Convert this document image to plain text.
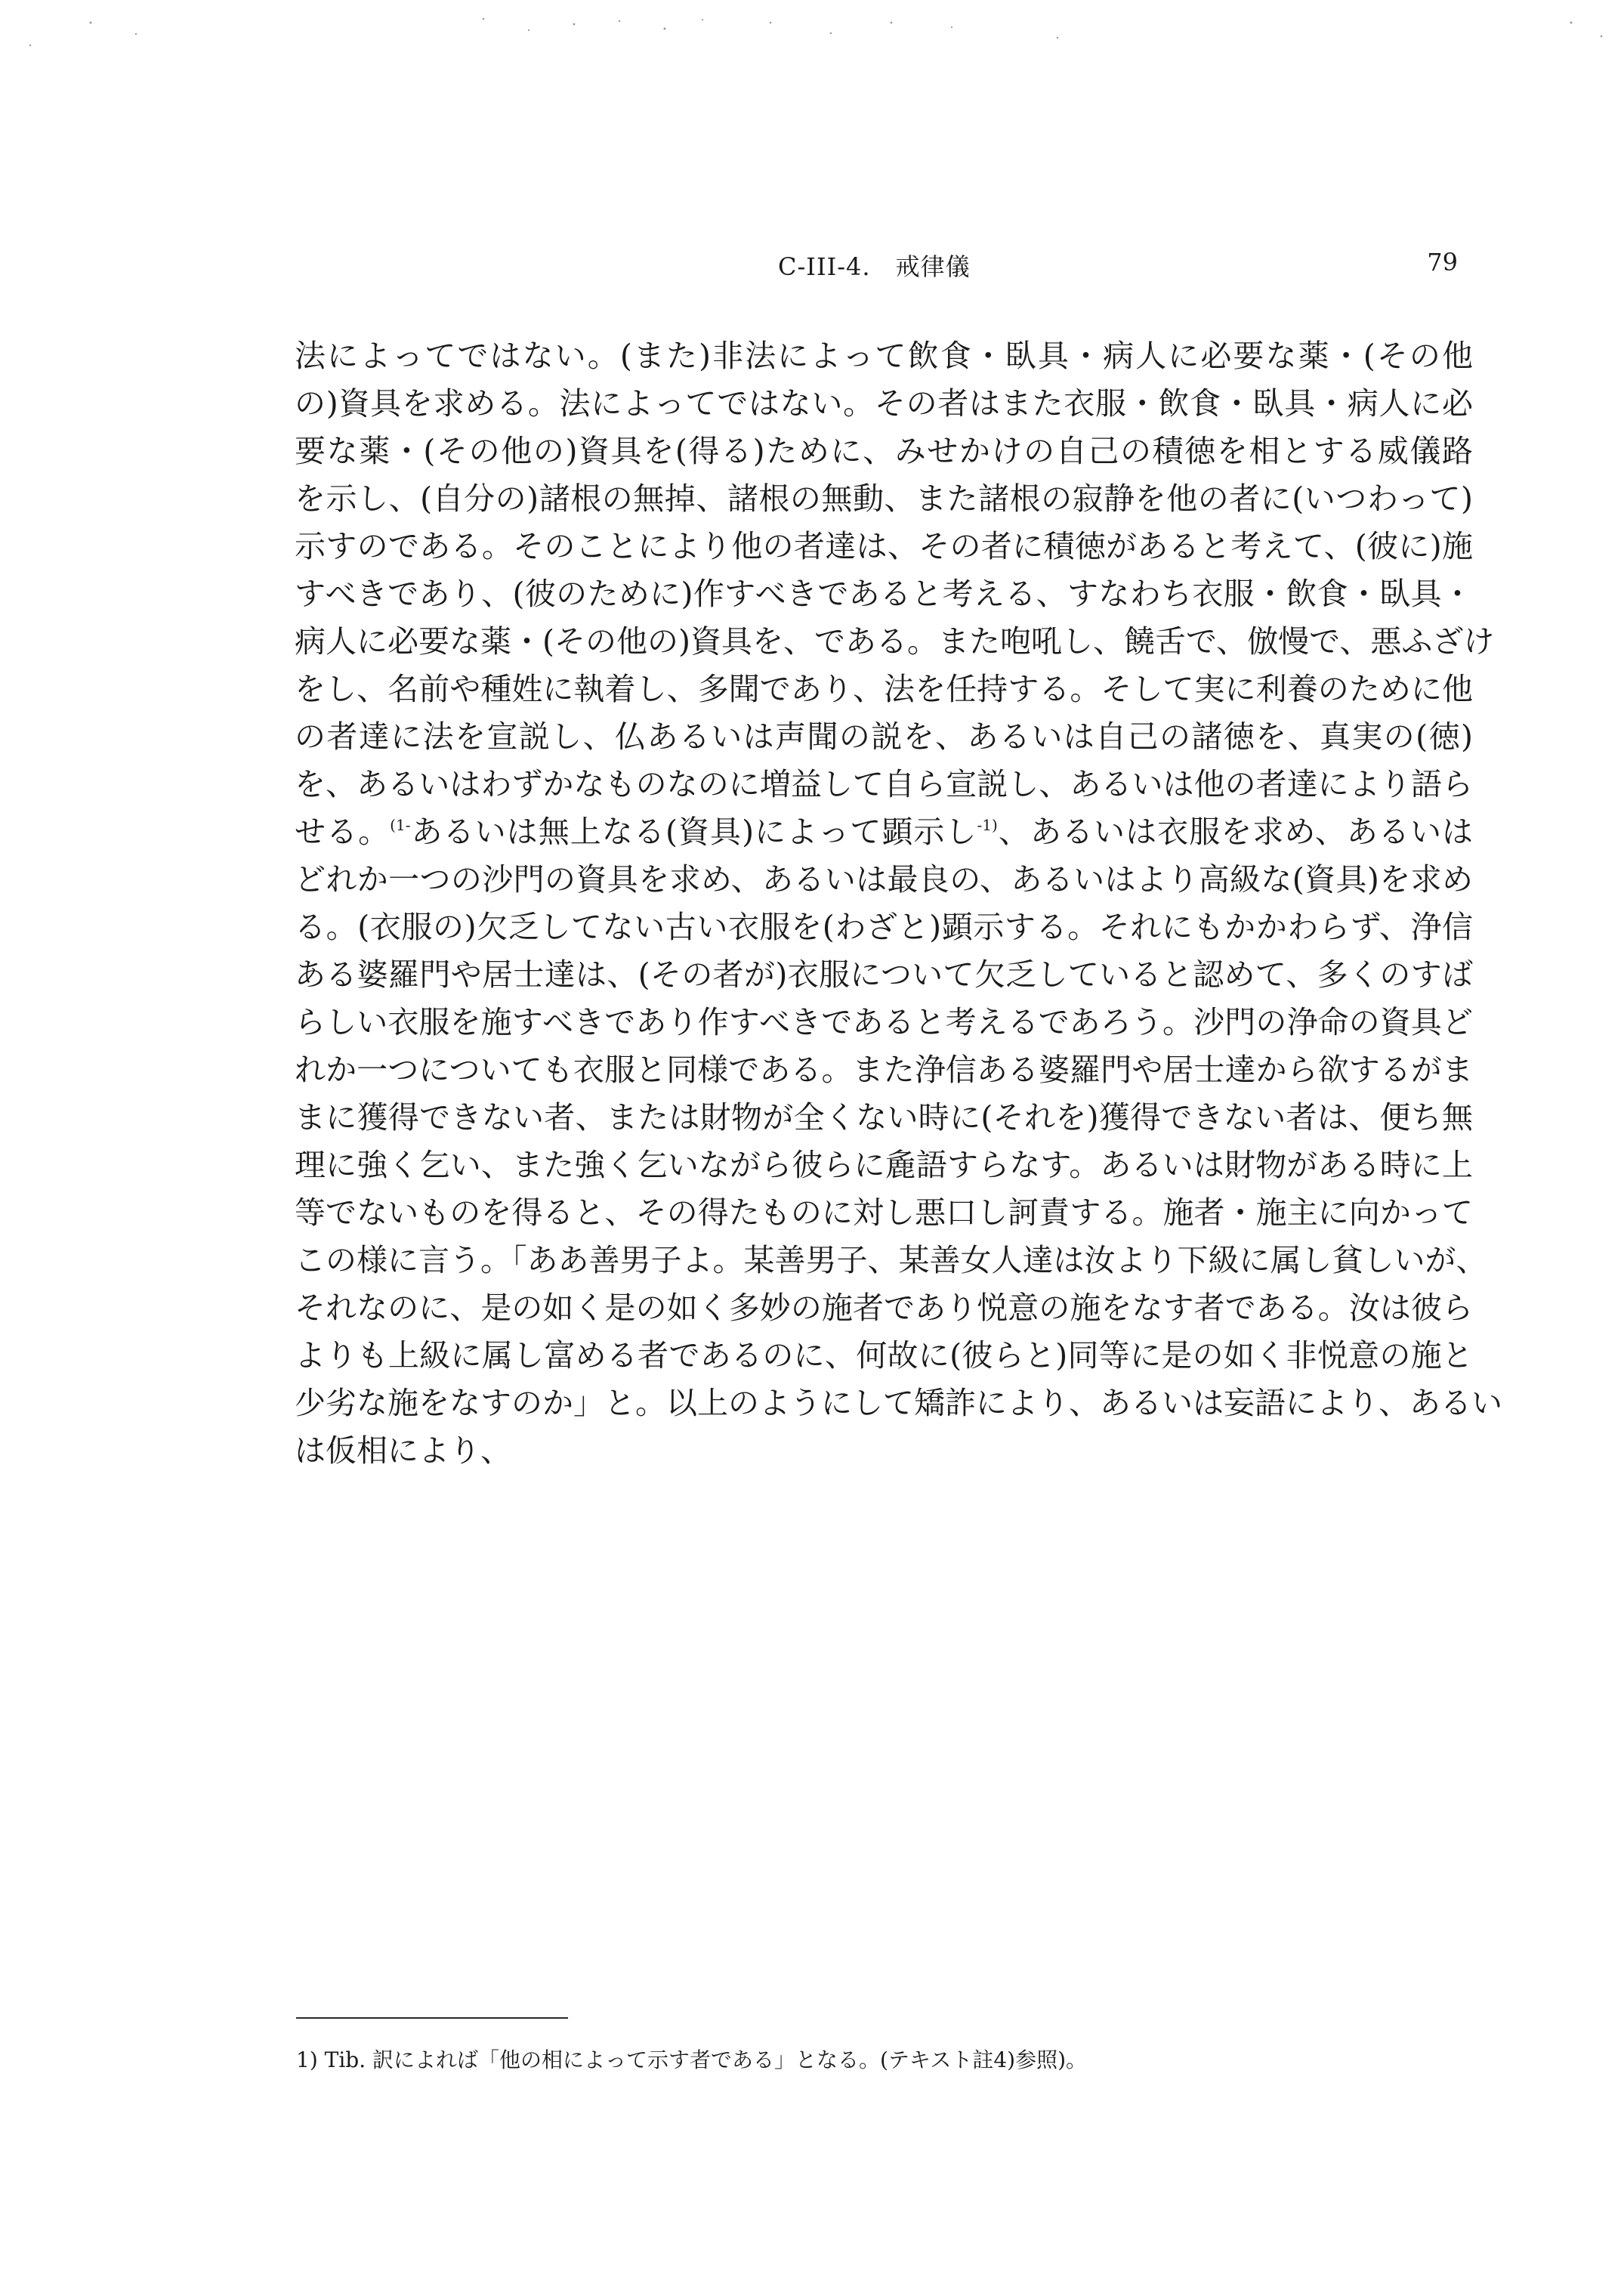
C-III-4.　戒律儀	79
法によってではない。(また)非法によって飲食・臥具・病人に必要な薬・(その他
の)資具を求める。法によってではない。その者はまた衣服・飲食・臥具・病人に必
要な薬・(その他の)資具を(得る)ために、みせかけの自己の積徳を相とする威儀路
を示し、(自分の)諸根の無掉、諸根の無動、また諸根の寂静を他の者に(いつわって)
示すのである。そのことにより他の者達は、その者に積徳があると考えて、(彼に)施
すべきであり、(彼のために)作すべきであると考える、すなわち衣服・飲食・臥具・
病人に必要な薬・(その他の)資具を、である。また咆吼し、饒舌で、倣慢で、悪ふざけ
をし、名前や種姓に執着し、多聞であり、法を任持する。そして実に利養のために他
の者達に法を宣説し、仏あるいは声聞の説を、あるいは自己の諸徳を、真実の(徳)
を、あるいはわずかなものなのに増益して自ら宣説し、あるいは他の者達により語ら
せる。$^{(1-}$あるいは無上なる(資具)によって顕示し$^{-1)}$、あるいは衣服を求め、あるいは
どれか一つの沙門の資具を求め、あるいは最良の、あるいはより高級な(資具)を求め
る。(衣服の)欠乏してない古い衣服を(わざと)顕示する。それにもかかわらず、浄信
ある婆羅門や居士達は、(その者が)衣服について欠乏していると認めて、多くのすば
らしい衣服を施すべきであり作すべきであると考えるであろう。沙門の浄命の資具ど
れか一つについても衣服と同様である。また浄信ある婆羅門や居士達から欲するがま
まに獲得できない者、または財物が全くない時に(それを)獲得できない者は、便ち無
理に強く乞い、また強く乞いながら彼らに麁語すらなす。あるいは財物がある時に上
等でないものを得ると、その得たものに対し悪口し訶責する。施者・施主に向かって
この様に言う。「ああ善男子よ。某善男子、某善女人達は汝より下級に属し貧しいが、
それなのに、是の如く是の如く多妙の施者であり悦意の施をなす者である。汝は彼ら
よりも上級に属し富める者であるのに、何故に(彼らと)同等に是の如く非悦意の施と
少劣な施をなすのか」と。以上のようにして矯詐により、あるいは妄語により、あるい
は仮相により、
1) Tib. 訳によれば「他の相によって示す者である」となる。(テキスト註4)参照)。
